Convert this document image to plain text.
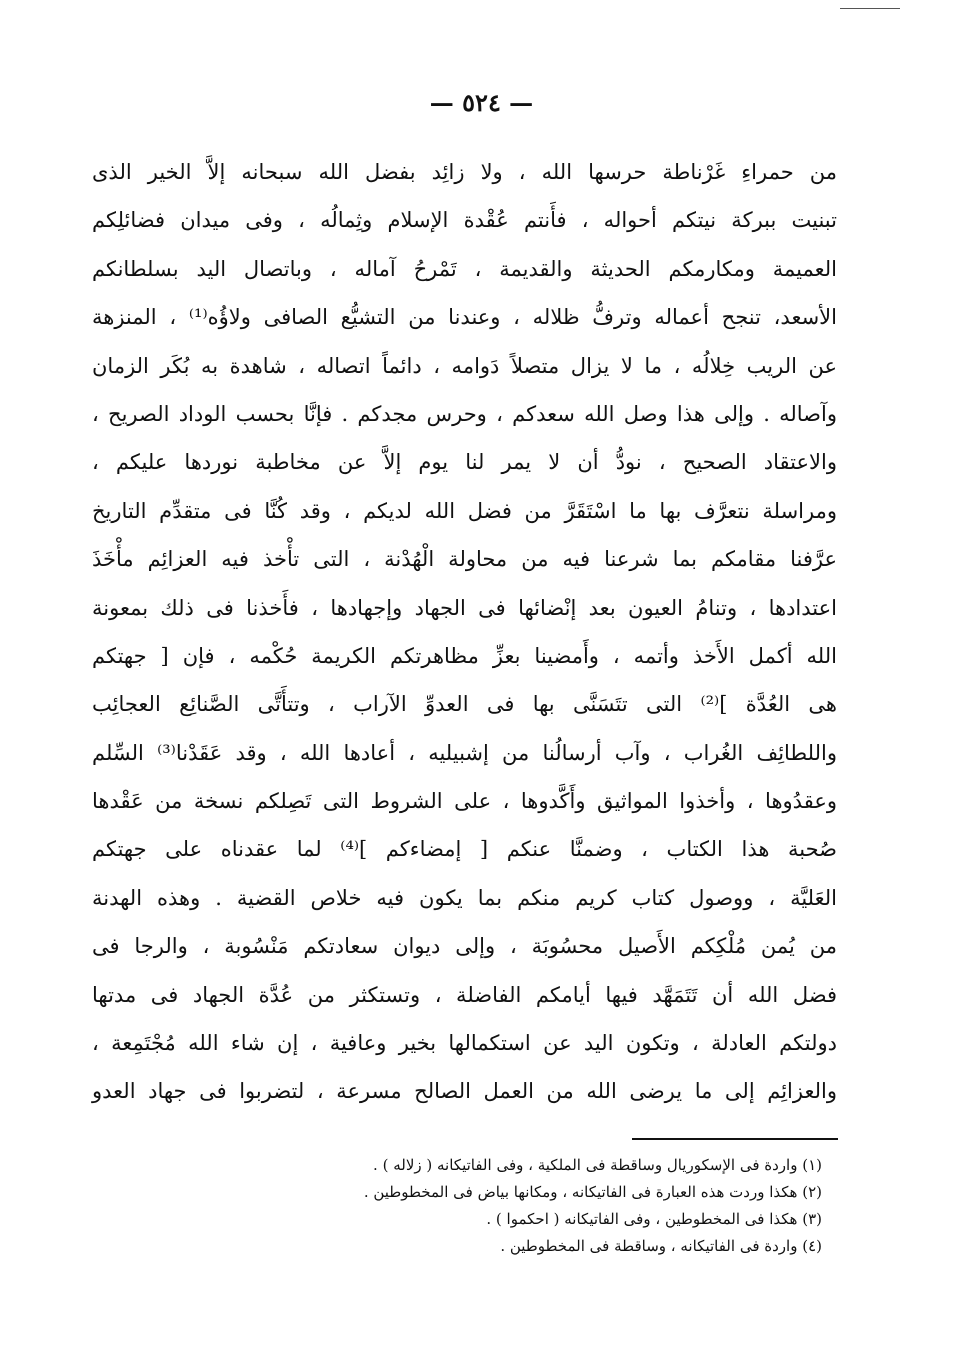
— ٥٢٤ —
من حمراءِ غَرْناطة حرسها الله ، ولا زائِد بفضل الله سبحانه إلاَّ الخير الذى
تبنيت ببركة نيتكم أحواله ، فأَنتم عُقْدة الإسلام وثِمالُه ، وفى ميدان فضائلِكم
العميمة ومكارمكم الحديثة والقديمة ، تَمْرحُ آماله ، وباتصال اليد بسلطانكم
الأسعد، تنجح أعماله وترفُّ ظلاله ، وعندنا من التشيُّع الصافى ولاؤُه⁽¹⁾ ، المنزهة
عن الريب خِلالُه ، ما لا يزال متصلاً دَوامه ، دائماً اتصاله ، شاهدة به بُكَر الزمان
وآصاله . وإلى هذا وصل الله سعدكم ، وحرس مجدكم . فإنَّا بحسب الوداد الصريح ،
والاعتقاد الصحيح ، نودُّ أن لا يمر لنا يوم إلاَّ عن مخاطبة نوردها عليكم ،
ومراسلة نتعرَّف بها ما اسْتَقَرَّ من فضل الله لديكم ، وقد كُنَّا فى متقدِّم التاريخ
عرَّفنا مقامكم بما شرعنا فيه من محاولة الْهُدْنة ، التى تأْخذ فيه العزائِم مأْخَذَ
اعتدادها ، وتنامُ العيون بعد إنْضائها فى الجهاد وإجهادها ، فأَخذنا فى ذلك بمعونة
الله أكمل الأَخذ وأتمه ، وأَمضينا بعزِّ مظاهرتكم الكريمة حُكْمه ، فإن [ جهتكم
هى العُدَّة ]⁽²⁾ التى تتَسَنَّى بها فى العدوِّ الآراب ، وتتأَتَّى الصَّنائِع العجائِب
واللطائِف الغُراب ، وآب أرسالُنا من إشبيليه ، أعادها الله ، وقد عَقَدْنا⁽³⁾ السِّلم
وعقدُوها ، وأخذوا المواثيق وأَكَّدوها ، على الشروط التى تَصِلكم نسخة من عَقْدها
صُحبة هذا الكتاب ، وضمنَّا عنكم [ إمضاءكم ]⁽⁴⁾ لما عقدناه على جهتكم
العَليَّة ، ووصول كتاب كريم منكم بما يكون فيه خلاص القضية . وهذه الهدنة
من يُمن مُلْكِكم الأَصيل محسُوبَة ، وإلى ديوان سعادتكم مَنْسُوبة ، والرجا فى
فضل الله أن تَتَمَهَّد فيها أيامكم الفاضلة ، وتستكثر من عُدَّة الجهاد فى مدتها
دولتكم العادلة ، وتكون اليد عن استكمالها بخير وعافية ، إن شاء الله مُجْتَمِعة ،
والعزائِم إلى ما يرضى الله من العمل الصالح مسرعة ، لتضربوا فى جهاد العدو
(١) واردة فى الإسكوريال وساقطة فى الملكية ، وفى الفاتيكانه ( زلاله ) .
(٢) هكذا وردت هذه العبارة فى الفاتيكانه ، ومكانها بياض فى المخطوطين .
(٣) هكذا فى المخطوطين ، وفى الفاتيكانه ( احكموا ) .
(٤) واردة فى الفاتيكانه ، وساقطة فى المخطوطين .
